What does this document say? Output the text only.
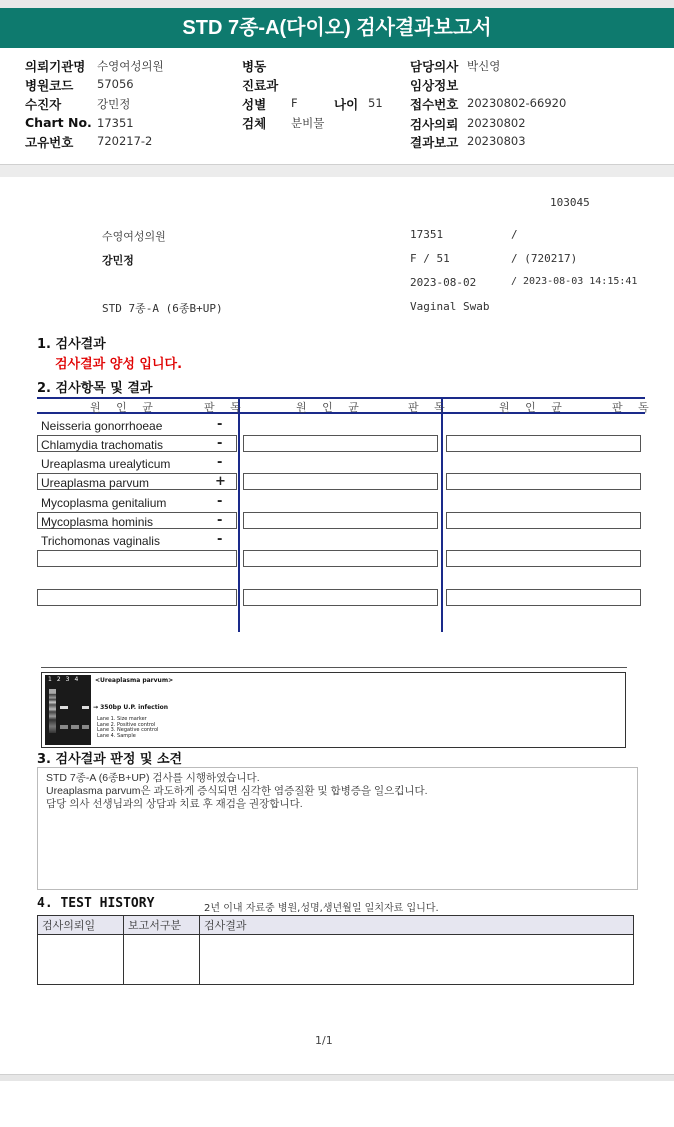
STD 7종-A(다이오) 검사결과보고서
의뢰기관명 수영여성의원
병원코드 57056
수진자	강민정
Chart No. 17351
고유번호 720217-2
병동
진료과
성별 F	나이 51
검체 분비물
담당의사 박신영
임상정보
접수번호 20230802-66920
검사의뢰 20230802
결과보고 20230803
103045
수영여성의원	17351	/
강민정	F / 51	/ (720217)
2023-08-02	/ 2023-08-03 14:15:41
STD 7종-A (6종B+UP)	Vaginal Swab
1. 검사결과
검사결과 양성 입니다.
2. 검사항목 및 결과
원 인 균	판 독	원 인 균	판 독	원 인 균	판 독
Neisseria gonorrhoeae	-
Chlamydia trachomatis	-
Ureaplasma urealyticum	-
Ureaplasma parvum	+
Mycoplasma genitalium	-
Mycoplasma hominis	-
Trichomonas vaginalis	-
1234 <Ureaplasma parvum>
→ 350bp U.P. infection
Lane 1. Size marker
Lane 2. Positive control
Lane 3. Negative control
Lane 4. Sample
3. 검사결과 판정 및 소견
STD 7종-A (6종B+UP) 검사를 시행하였습니다.
Ureaplasma parvum은 과도하게 증식되면 심각한 염증질환 및 합병증을 일으킵니다.
담당 의사 선생님과의 상담과 치료 후 재검을 권장합니다.
4. TEST HISTORY	2년 이내 자료중 병원,성명,생년월일 일치자료 입니다.
검사의뢰일	보고서구분	검사결과

1/1
